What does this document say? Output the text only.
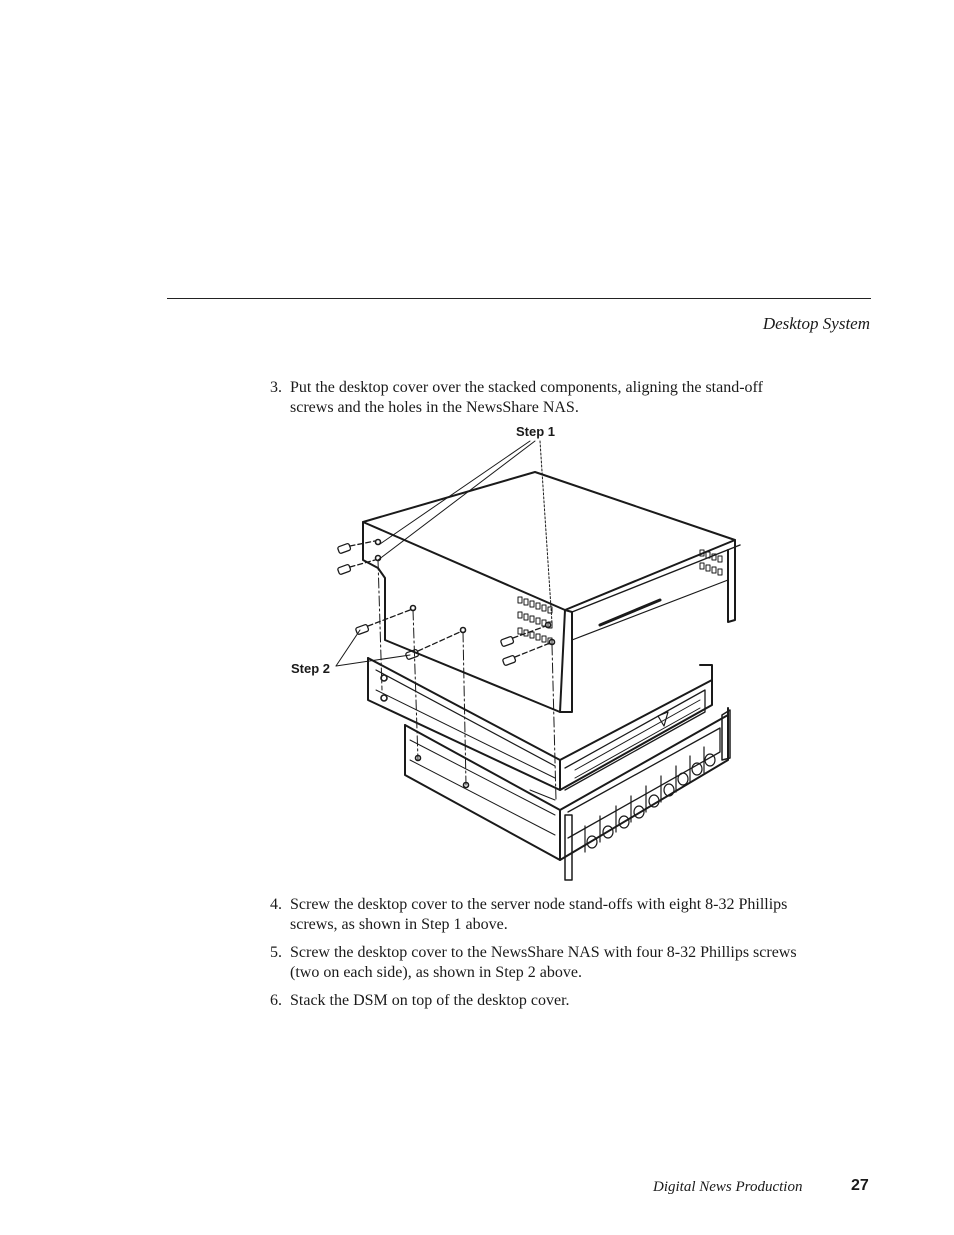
Desktop System
3. Put the desktop cover over the stacked components, aligning the stand-off screws and the holes in the NewsShare NAS.
Step 1
Step 2
4. Screw the desktop cover to the server node stand-offs with eight 8-32 Phillips screws, as shown in Step 1 above.
5. Screw the desktop cover to the NewsShare NAS with four 8-32 Phillips screws (two on each side), as shown in Step 2 above.
6. Stack the DSM on top of the desktop cover.
Digital News Production	27
